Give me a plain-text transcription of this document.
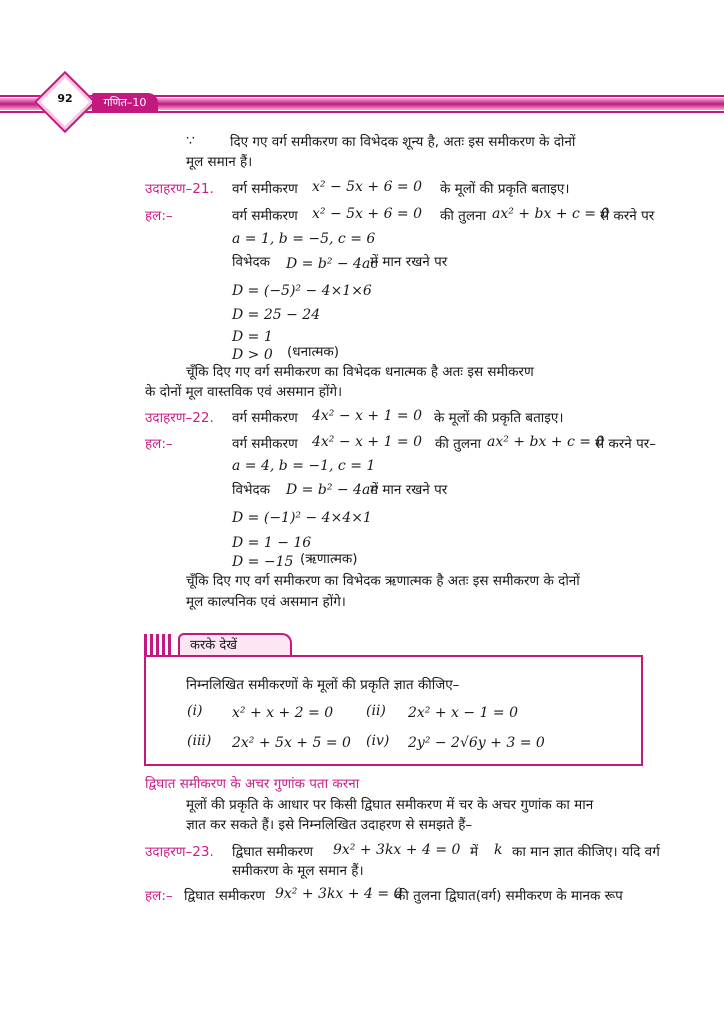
92	गणित–10
∵	दिए गए वर्ग समीकरण का विभेदक शून्य है, अतः इस समीकरण के दोनों
मूल समान हैं।
उदाहरण–21. वर्ग समीकरण x² − 5x + 6 = 0 के मूलों की प्रकृति बताइए।
हल:–	वर्ग समीकरण x² − 5x + 6 = 0 की तुलना ax² + bx + c = 0
से करने पर
a = 1, b = −5, c = 6
विभेदक D = b² − 4ac
में मान रखने पर
D = (−5)² − 4×1×6
D = 25 − 24
D = 1
D > 0 (धनात्मक)
चूँकि दिए गए वर्ग समीकरण का विभेदक धनात्मक है अतः इस समीकरण
के दोनों मूल वास्तविक एवं असमान होंगे।
उदाहरण–22. वर्ग समीकरण 4x² − x + 1 = 0 के मूलों की प्रकृति बताइए।
हल:–	वर्ग समीकरण 4x² − x + 1 = 0 की तुलना ax² + bx + c = 0
से करने पर–
a = 4, b = −1, c = 1
विभेदक D = b² − 4ac
में मान रखने पर
D = (−1)² − 4×4×1
D = 1 − 16
D = −15 (ऋणात्मक)
चूँकि दिए गए वर्ग समीकरण का विभेदक ऋणात्मक है अतः इस समीकरण के दोनों
मूल काल्पनिक एवं असमान होंगे।
करके देखें
निम्नलिखित समीकरणों के मूलों की प्रकृति ज्ञात कीजिए–
(i) x² + x + 2 = 0 (ii) 2x² + x − 1 = 0
(iii) 2x² + 5x + 5 = 0 (iv) 2y² − 2√6y + 3 = 0
द्विघात समीकरण के अचर गुणांक पता करना
मूलों की प्रकृति के आधार पर किसी द्विघात समीकरण में चर के अचर गुणांक का मान
ज्ञात कर सकते हैं। इसे निम्नलिखित उदाहरण से समझते हैं–
उदाहरण–23. द्विघात समीकरण 9x² + 3kx + 4 = 0 में k का मान ज्ञात कीजिए। यदि वर्ग
समीकरण के मूल समान हैं।
हल:– द्विघात समीकरण 9x² + 3kx + 4 = 0
की तुलना द्विघात(वर्ग) समीकरण के मानक रूप
